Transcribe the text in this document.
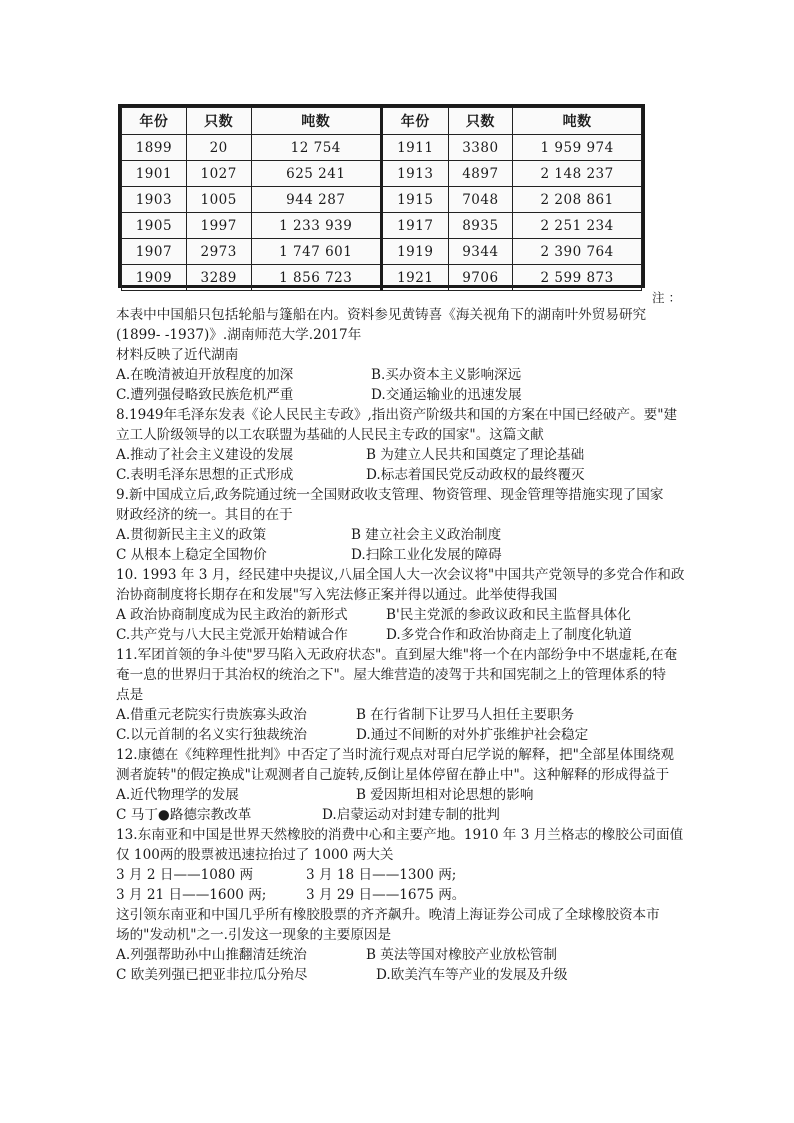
年份	只数	吨数	年份	只数	吨数
1899	20	12 754	1911	3380	1 959 974
1901	1027	625 241	1913	4897	2 148 237
1903	1005	944 287	1915	7048	2 208 861
1905	1997	1 233 939	1917	8935	2 251 234
1907	2973	1 747 601	1919	9344	2 390 764
1909	3289	1 856 723	1921	9706	2 599 873
注 ：
本表中中国船只包括轮船与篷船在内。资料参见黄铸喜《海关视角下的湖南叶外贸易研究
(1899- -1937)》.湖南师范大学.2017年
材料反映了近代湖南
A.在晚清被迫开放程度的加深	B.买办资本主义影响深远
C.遭列强侵略致民族危机严重	D.交通运输业的迅速发展
8.1949年毛泽东发表《论人民民主专政》,指出资产阶级共和国的方案在中国已经破产。要"建
立工人阶级领导的以工农联盟为基础的人民民主专政的国家"。这篇文献
A.推动了社会主义建设的发展	B 为建立人民共和国奠定了理论基础
C.表明毛泽东思想的正式形成	D.标志着国民党反动政权的最终覆灭
9.新中国成立后,政务院通过统一全国财政收支管理、物资管理、现金管理等措施实现了国家
财政经济的统一。其目的在于
A.贯彻新民主主义的政策	B 建立社会主义政治制度
C 从根本上稳定全国物价	D.扫除工业化发展的障碍
10. 1993 年 3 月，经民建中央提议,八届全国人大一次会议将"中国共产党领导的多党合作和政
治协商制度将长期存在和发展"写入宪法修正案并得以通过。此举使得我国
A 政治协商制度成为民主政治的新形式	B'民主党派的参政议政和民主监督具体化
C.共产党与八大民主党派开始精诚合作	D.多党合作和政治协商走上了制度化轨道
11.军团首领的争斗使"罗马陷入无政府状态"。直到屋大维"将一个在内部纷争中不堪虚耗,在奄
奄一息的世界归于其治权的统治之下"。屋大维营造的凌驾于共和国宪制之上的管理体系的特
点是
A.借重元老院实行贵族寡头政治	B 在行省制下让罗马人担任主要职务
C.以元首制的名义实行独裁统治	D.通过不间断的对外扩张维护社会稳定
12.康德在《纯粹理性批判》中否定了当时流行观点对哥白尼学说的解释，把"全部星体围绕观
测者旋转"的假定换成"让观测者自己旋转,反倒让星体停留在静止中"。这种解释的形成得益于
A.近代物理学的发展	B 爱因斯坦相对论思想的影响
C 马丁●路德宗教改革	D.启蒙运动对封建专制的批判
13.东南亚和中国是世界天然橡胶的消费中心和主要产地。1910 年 3 月兰格志的橡胶公司面值
仅 100两的股票被迅速拉抬过了 1000 两大关
3 月 2 日——1080 两	3 月 18 日——1300 两;
3 月 21 日——1600 两;	3 月 29 日——1675 两。
这引领东南亚和中国几乎所有橡胶股票的齐齐飙升。晚清上海证券公司成了全球橡胶资本市
场的"发动机"之一.引发这一现象的主要原因是
A.列强帮助孙中山推翻清廷统治	B 英法等国对橡胶产业放松管制
C 欧美列强已把亚非拉瓜分殆尽	D.欧美汽车等产业的发展及升级
